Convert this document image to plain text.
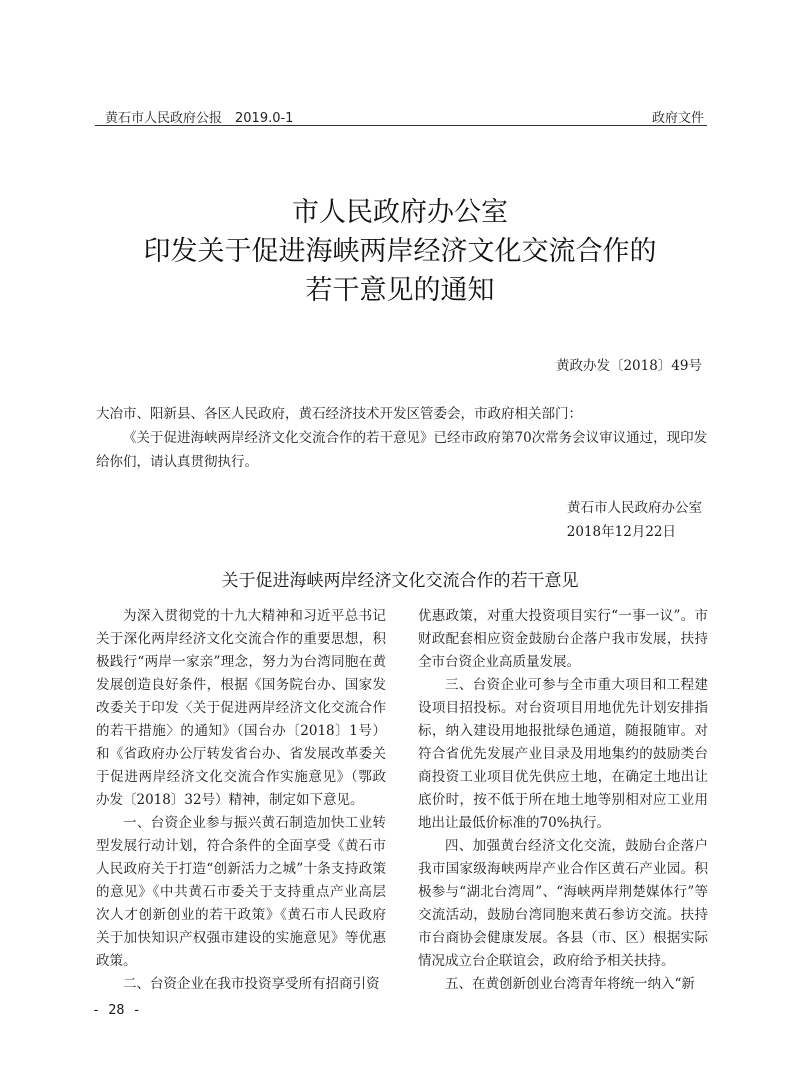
黄石市人民政府公报　2019.0-1	政府文件
市人民政府办公室
印发关于促进海峡两岸经济文化交流合作的
若干意见的通知
黄政办发〔2018〕49号
大冶市、阳新县、各区人民政府，黄石经济技术开发区管委会，市政府相关部门：
《关于促进海峡两岸经济文化交流合作的若干意见》已经市政府第70次常务会议审议通过，现印发给你们，请认真贯彻执行。
黄石市人民政府办公室
2018年12月22日
关于促进海峡两岸经济文化交流合作的若干意见

为深入贯彻党的十九大精神和习近平总书记关于深化两岸经济文化交流合作的重要思想，积极践行“两岸一家亲”理念，努力为台湾同胞在黄发展创造良好条件，根据《国务院台办、国家发改委关于印发〈关于促进两岸经济文化交流合作的若干措施〉的通知》（国台办〔2018〕1号）和《省政府办公厅转发省台办、省发展改革委关于促进两岸经济文化交流合作实施意见》（鄂政办发〔2018〕32号）精神，制定如下意见。

一、台资企业参与振兴黄石制造加快工业转型发展行动计划，符合条件的全面享受《黄石市人民政府关于打造“创新活力之城”十条支持政策的意见》《中共黄石市委关于支持重点产业高层次人才创新创业的若干政策》《黄石市人民政府关于加快知识产权强市建设的实施意见》等优惠政策。

二、台资企业在我市投资享受所有招商引资

优惠政策，对重大投资项目实行“一事一议”。市财政配套相应资金鼓励台企落户我市发展，扶持全市台资企业高质量发展。

三、台资企业可参与全市重大项目和工程建设项目招投标。对台资项目用地优先计划安排指标，纳入建设用地报批绿色通道，随报随审。对符合省优先发展产业目录及用地集约的鼓励类台商投资工业项目优先供应土地，在确定土地出让底价时，按不低于所在地土地等别相对应工业用地出让最低价标准的70%执行。

四、加强黄台经济文化交流，鼓励台企落户我市国家级海峡两岸产业合作区黄石产业园。积极参与“湖北台湾周”、“海峡两岸荆楚媒体行”等交流活动，鼓励台湾同胞来黄石参访交流。扶持市台商协会健康发展。各县（市、区）根据实际情况成立台企联谊会，政府给予相关扶持。

五、在黄创新创业台湾青年将统一纳入“新

- 28 -
